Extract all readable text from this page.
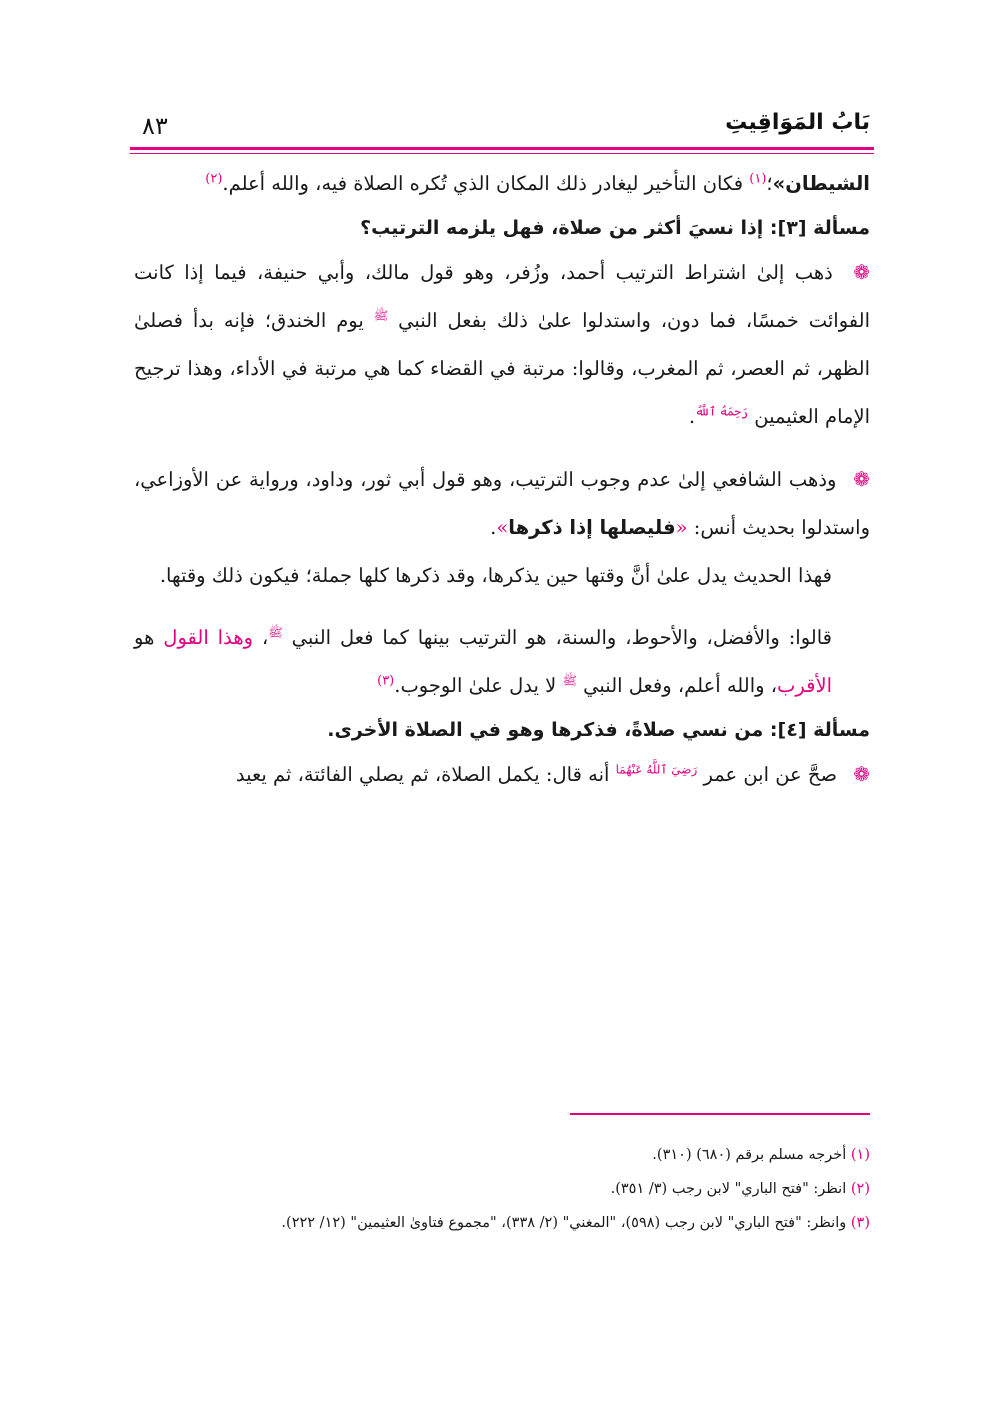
بَابُ المَوَاقِيتِ
٨٣

الشيطان»؛$^{(١)}$ فكان التأخير ليغادر ذلك المكان الذي تُكره الصلاة فيه، والله أعلم.$^{(٢)}$

مسألة [٣]: إذا نسيَ أكثر من صلاة، فهل يلزمه الترتيب؟

❁ ذهب إلىٰ اشتراط الترتيب أحمد، وزُفر، وهو قول مالك، وأبي حنيفة، فيما إذا كانت الفوائت خمسًا، فما دون، واستدلوا علىٰ ذلك بفعل النبي $^ﷺ$ يوم الخندق؛ فإنه بدأ فصلىٰ الظهر، ثم العصر، ثم المغرب، وقالوا: مرتبة في القضاء كما هي مرتبة في الأداء، وهذا ترجيح الإمام العثيمين $^{رَحِمَهُ ٱللَّهُ}$.

❁ وذهب الشافعي إلىٰ عدم وجوب الترتيب، وهو قول أبي ثور، وداود، ورواية عن الأوزاعي، واستدلوا بحديث أنس: «فليصلها إذا ذكرها».

فهذا الحديث يدل علىٰ أنَّ وقتها حين يذكرها، وقد ذكرها كلها جملة؛ فيكون ذلك وقتها.

قالوا: والأفضل، والأحوط، والسنة، هو الترتيب بينها كما فعل النبي $^ﷺ$، وهذا القول هو الأقرب، والله أعلم، وفعل النبي $^ﷺ$ لا يدل علىٰ الوجوب.$^{(٣)}$

مسألة [٤]: من نسي صلاةً، فذكرها وهو في الصلاة الأخرى.

❁ صحَّ عن ابن عمر $^{رَضِيَ ٱللَّهُ عَنْهُمَا}$ أنه قال: يكمل الصلاة، ثم يصلي الفائتة، ثم يعيد

(١) أخرجه مسلم برقم (٦٨٠) (٣١٠).

(٢) انظر: "فتح الباري" لابن رجب (٣/ ٣٥١).

(٣) وانظر: "فتح الباري" لابن رجب (٥٩٨)، "المغني" (٢/ ٣٣٨)، "مجموع فتاوىٰ العثيمين" (١٢/ ٢٢٢).
